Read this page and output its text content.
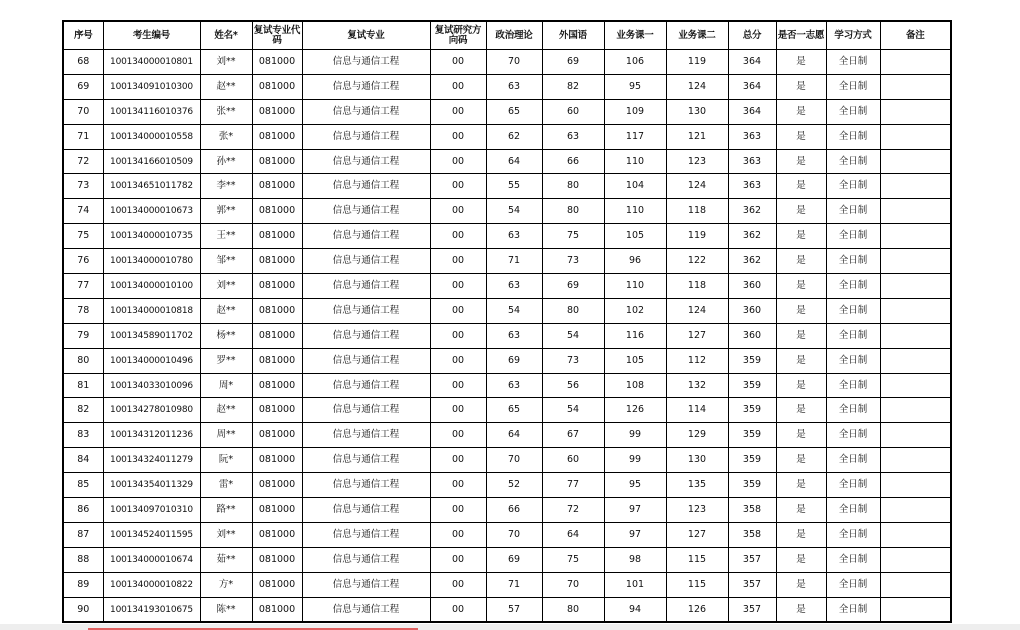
序号	考生编号	姓名*	复试专业代码	复试专业	复试研究方向码	政治理论	外国语	业务课一	业务课二	总分	是否一志愿	学习方式	备注
68	100134000010801	刘**	081000	信息与通信工程	00	70	69	106	119	364	是	全日制	
69	100134091010300	赵**	081000	信息与通信工程	00	63	82	95	124	364	是	全日制	
70	100134116010376	张**	081000	信息与通信工程	00	65	60	109	130	364	是	全日制	
71	100134000010558	张*	081000	信息与通信工程	00	62	63	117	121	363	是	全日制	
72	100134166010509	孙**	081000	信息与通信工程	00	64	66	110	123	363	是	全日制	
73	100134651011782	李**	081000	信息与通信工程	00	55	80	104	124	363	是	全日制	
74	100134000010673	郭**	081000	信息与通信工程	00	54	80	110	118	362	是	全日制	
75	100134000010735	王**	081000	信息与通信工程	00	63	75	105	119	362	是	全日制	
76	100134000010780	邹**	081000	信息与通信工程	00	71	73	96	122	362	是	全日制	
77	100134000010100	刘**	081000	信息与通信工程	00	63	69	110	118	360	是	全日制	
78	100134000010818	赵**	081000	信息与通信工程	00	54	80	102	124	360	是	全日制	
79	100134589011702	杨**	081000	信息与通信工程	00	63	54	116	127	360	是	全日制	
80	100134000010496	罗**	081000	信息与通信工程	00	69	73	105	112	359	是	全日制	
81	100134033010096	周*	081000	信息与通信工程	00	63	56	108	132	359	是	全日制	
82	100134278010980	赵**	081000	信息与通信工程	00	65	54	126	114	359	是	全日制	
83	100134312011236	周**	081000	信息与通信工程	00	64	67	99	129	359	是	全日制	
84	100134324011279	阮*	081000	信息与通信工程	00	70	60	99	130	359	是	全日制	
85	100134354011329	雷*	081000	信息与通信工程	00	52	77	95	135	359	是	全日制	
86	100134097010310	路**	081000	信息与通信工程	00	66	72	97	123	358	是	全日制	
87	100134524011595	刘**	081000	信息与通信工程	00	70	64	97	127	358	是	全日制	
88	100134000010674	茹**	081000	信息与通信工程	00	69	75	98	115	357	是	全日制	
89	100134000010822	方*	081000	信息与通信工程	00	71	70	101	115	357	是	全日制	
90	100134193010675	陈**	081000	信息与通信工程	00	57	80	94	126	357	是	全日制	
